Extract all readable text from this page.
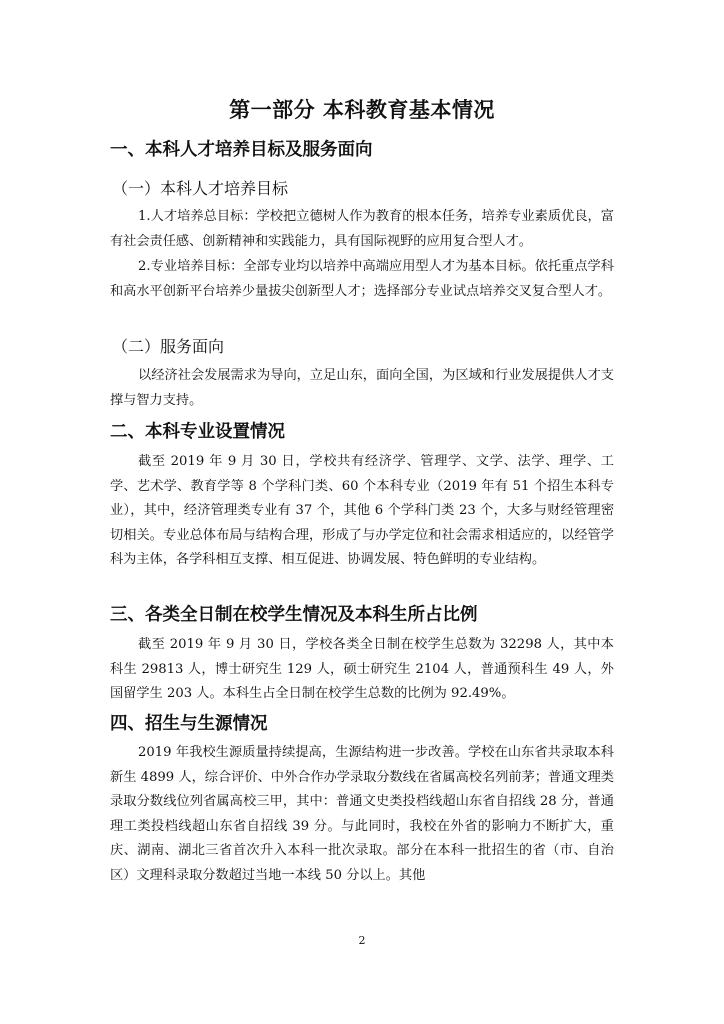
第一部分 本科教育基本情况
一、本科人才培养目标及服务面向
（一）本科人才培养目标
1.人才培养总目标：学校把立德树人作为教育的根本任务，培养专业素质优良，富有社会责任感、创新精神和实践能力，具有国际视野的应用复合型人才。
2.专业培养目标：全部专业均以培养中高端应用型人才为基本目标。依托重点学科和高水平创新平台培养少量拔尖创新型人才；选择部分专业试点培养交叉复合型人才。
（二）服务面向
以经济社会发展需求为导向，立足山东，面向全国，为区域和行业发展提供人才支撑与智力支持。
二、本科专业设置情况
截至 2019 年 9 月 30 日，学校共有经济学、管理学、文学、法学、理学、工学、艺术学、教育学等 8 个学科门类、60 个本科专业（2019 年有 51 个招生本科专业），其中，经济管理类专业有 37 个，其他 6 个学科门类 23 个，大多与财经管理密切相关。专业总体布局与结构合理，形成了与办学定位和社会需求相适应的，以经管学科为主体，各学科相互支撑、相互促进、协调发展、特色鲜明的专业结构。
三、各类全日制在校学生情况及本科生所占比例
截至 2019 年 9 月 30 日，学校各类全日制在校学生总数为 32298 人，其中本科生 29813 人，博士研究生 129 人，硕士研究生 2104 人，普通预科生 49 人，外国留学生 203 人。本科生占全日制在校学生总数的比例为 92.49%。
四、招生与生源情况
2019 年我校生源质量持续提高，生源结构进一步改善。学校在山东省共录取本科新生 4899 人，综合评价、中外合作办学录取分数线在省属高校名列前茅；普通文理类录取分数线位列省属高校三甲，其中：普通文史类投档线超山东省自招线 28 分，普通理工类投档线超山东省自招线 39 分。与此同时，我校在外省的影响力不断扩大，重庆、湖南、湖北三省首次升入本科一批次录取。部分在本科一批招生的省（市、自治区）文理科录取分数超过当地一本线 50 分以上。其他
2
